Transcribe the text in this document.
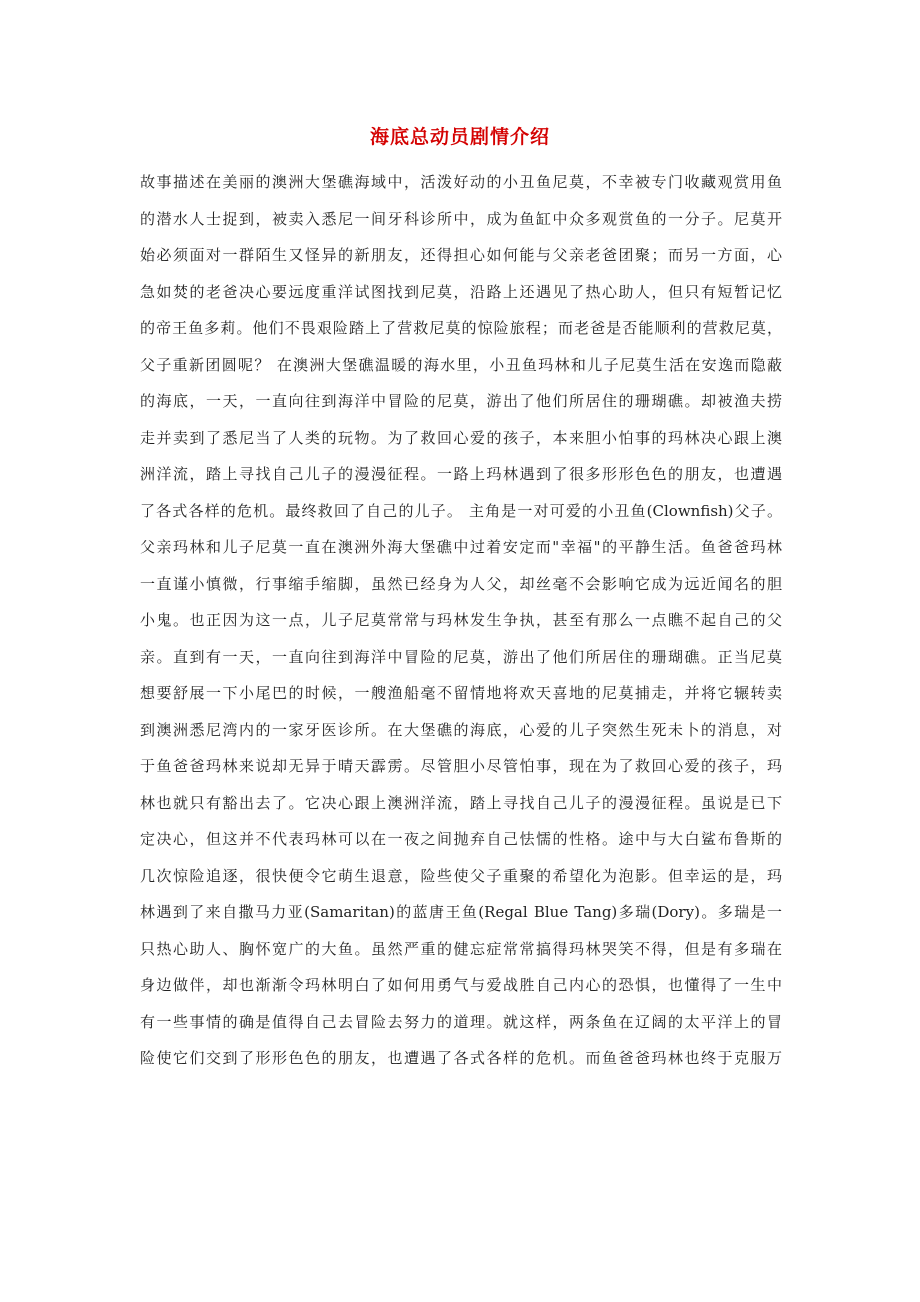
海底总动员剧情介绍
故事描述在美丽的澳洲大堡礁海域中，活泼好动的小丑鱼尼莫，不幸被专门收藏观赏用鱼
的潜水人士捉到，被卖入悉尼一间牙科诊所中，成为鱼缸中众多观赏鱼的一分子。尼莫开
始必须面对一群陌生又怪异的新朋友，还得担心如何能与父亲老爸团聚；而另一方面，心
急如焚的老爸决心要远度重洋试图找到尼莫，沿路上还遇见了热心助人，但只有短暂记忆
的帝王鱼多莉。他们不畏艰险踏上了营救尼莫的惊险旅程；而老爸是否能顺利的营救尼莫，
父子重新团圆呢？ 在澳洲大堡礁温暖的海水里，小丑鱼玛林和儿子尼莫生活在安逸而隐蔽
的海底，一天，一直向往到海洋中冒险的尼莫，游出了他们所居住的珊瑚礁。却被渔夫捞
走并卖到了悉尼当了人类的玩物。为了救回心爱的孩子，本来胆小怕事的玛林决心跟上澳
洲洋流，踏上寻找自己儿子的漫漫征程。一路上玛林遇到了很多形形色色的朋友，也遭遇
了各式各样的危机。最终救回了自己的儿子。 主角是一对可爱的小丑鱼(Clownfish)父子。
父亲玛林和儿子尼莫一直在澳洲外海大堡礁中过着安定而"幸福"的平静生活。鱼爸爸玛林
一直谨小慎微，行事缩手缩脚，虽然已经身为人父，却丝毫不会影响它成为远近闻名的胆
小鬼。也正因为这一点，儿子尼莫常常与玛林发生争执，甚至有那么一点瞧不起自己的父
亲。直到有一天，一直向往到海洋中冒险的尼莫，游出了他们所居住的珊瑚礁。正当尼莫
想要舒展一下小尾巴的时候，一艘渔船毫不留情地将欢天喜地的尼莫捕走，并将它辗转卖
到澳洲悉尼湾内的一家牙医诊所。在大堡礁的海底，心爱的儿子突然生死未卜的消息，对
于鱼爸爸玛林来说却无异于晴天霹雳。尽管胆小尽管怕事，现在为了救回心爱的孩子，玛
林也就只有豁出去了。它决心跟上澳洲洋流，踏上寻找自己儿子的漫漫征程。虽说是已下
定决心，但这并不代表玛林可以在一夜之间抛弃自己怯懦的性格。途中与大白鲨布鲁斯的
几次惊险追逐，很快便令它萌生退意，险些使父子重聚的希望化为泡影。但幸运的是，玛
林遇到了来自撒马力亚(Samaritan)的蓝唐王鱼(Regal Blue Tang)多瑞(Dory)。多瑞是一
只热心助人、胸怀宽广的大鱼。虽然严重的健忘症常常搞得玛林哭笑不得，但是有多瑞在
身边做伴，却也渐渐令玛林明白了如何用勇气与爱战胜自己内心的恐惧，也懂得了一生中
有一些事情的确是值得自己去冒险去努力的道理。就这样，两条鱼在辽阔的太平洋上的冒
险使它们交到了形形色色的朋友，也遭遇了各式各样的危机。而鱼爸爸玛林也终于克服万
